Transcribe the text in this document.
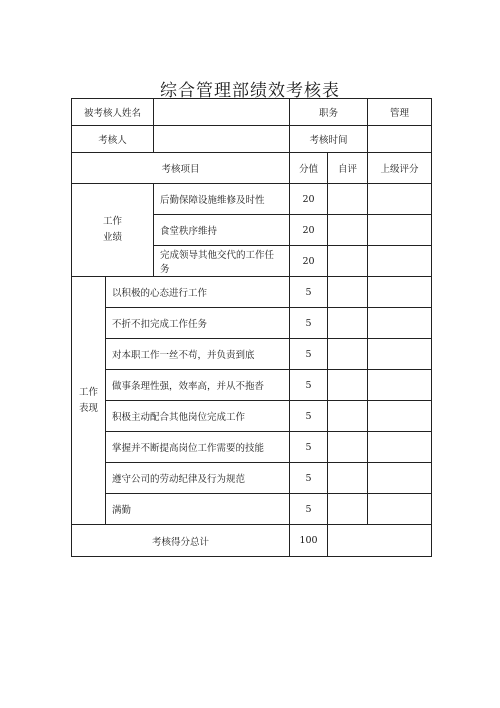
综合管理部绩效考核表
被考核人姓名			职务		管理
考核人			考核时间		
考核项目			分值	自评	上级评分

工作
业绩		后勤保障设施维修及时性	20		
		食堂秩序维持	20		
		完成领导其他交代的工作任务	20		

工作
表现	以积极的心态进行工作		5		
	不折不扣完成工作任务		5		
	对本职工作一丝不苟，并负责到底		5		
	做事条理性强，效率高，并从不拖沓		5		
	积极主动配合其他岗位完成工作		5		
	掌握并不断提高岗位工作需要的技能		5		
	遵守公司的劳动纪律及行为规范		5		
	满勤		5		
考核得分总计			100		
